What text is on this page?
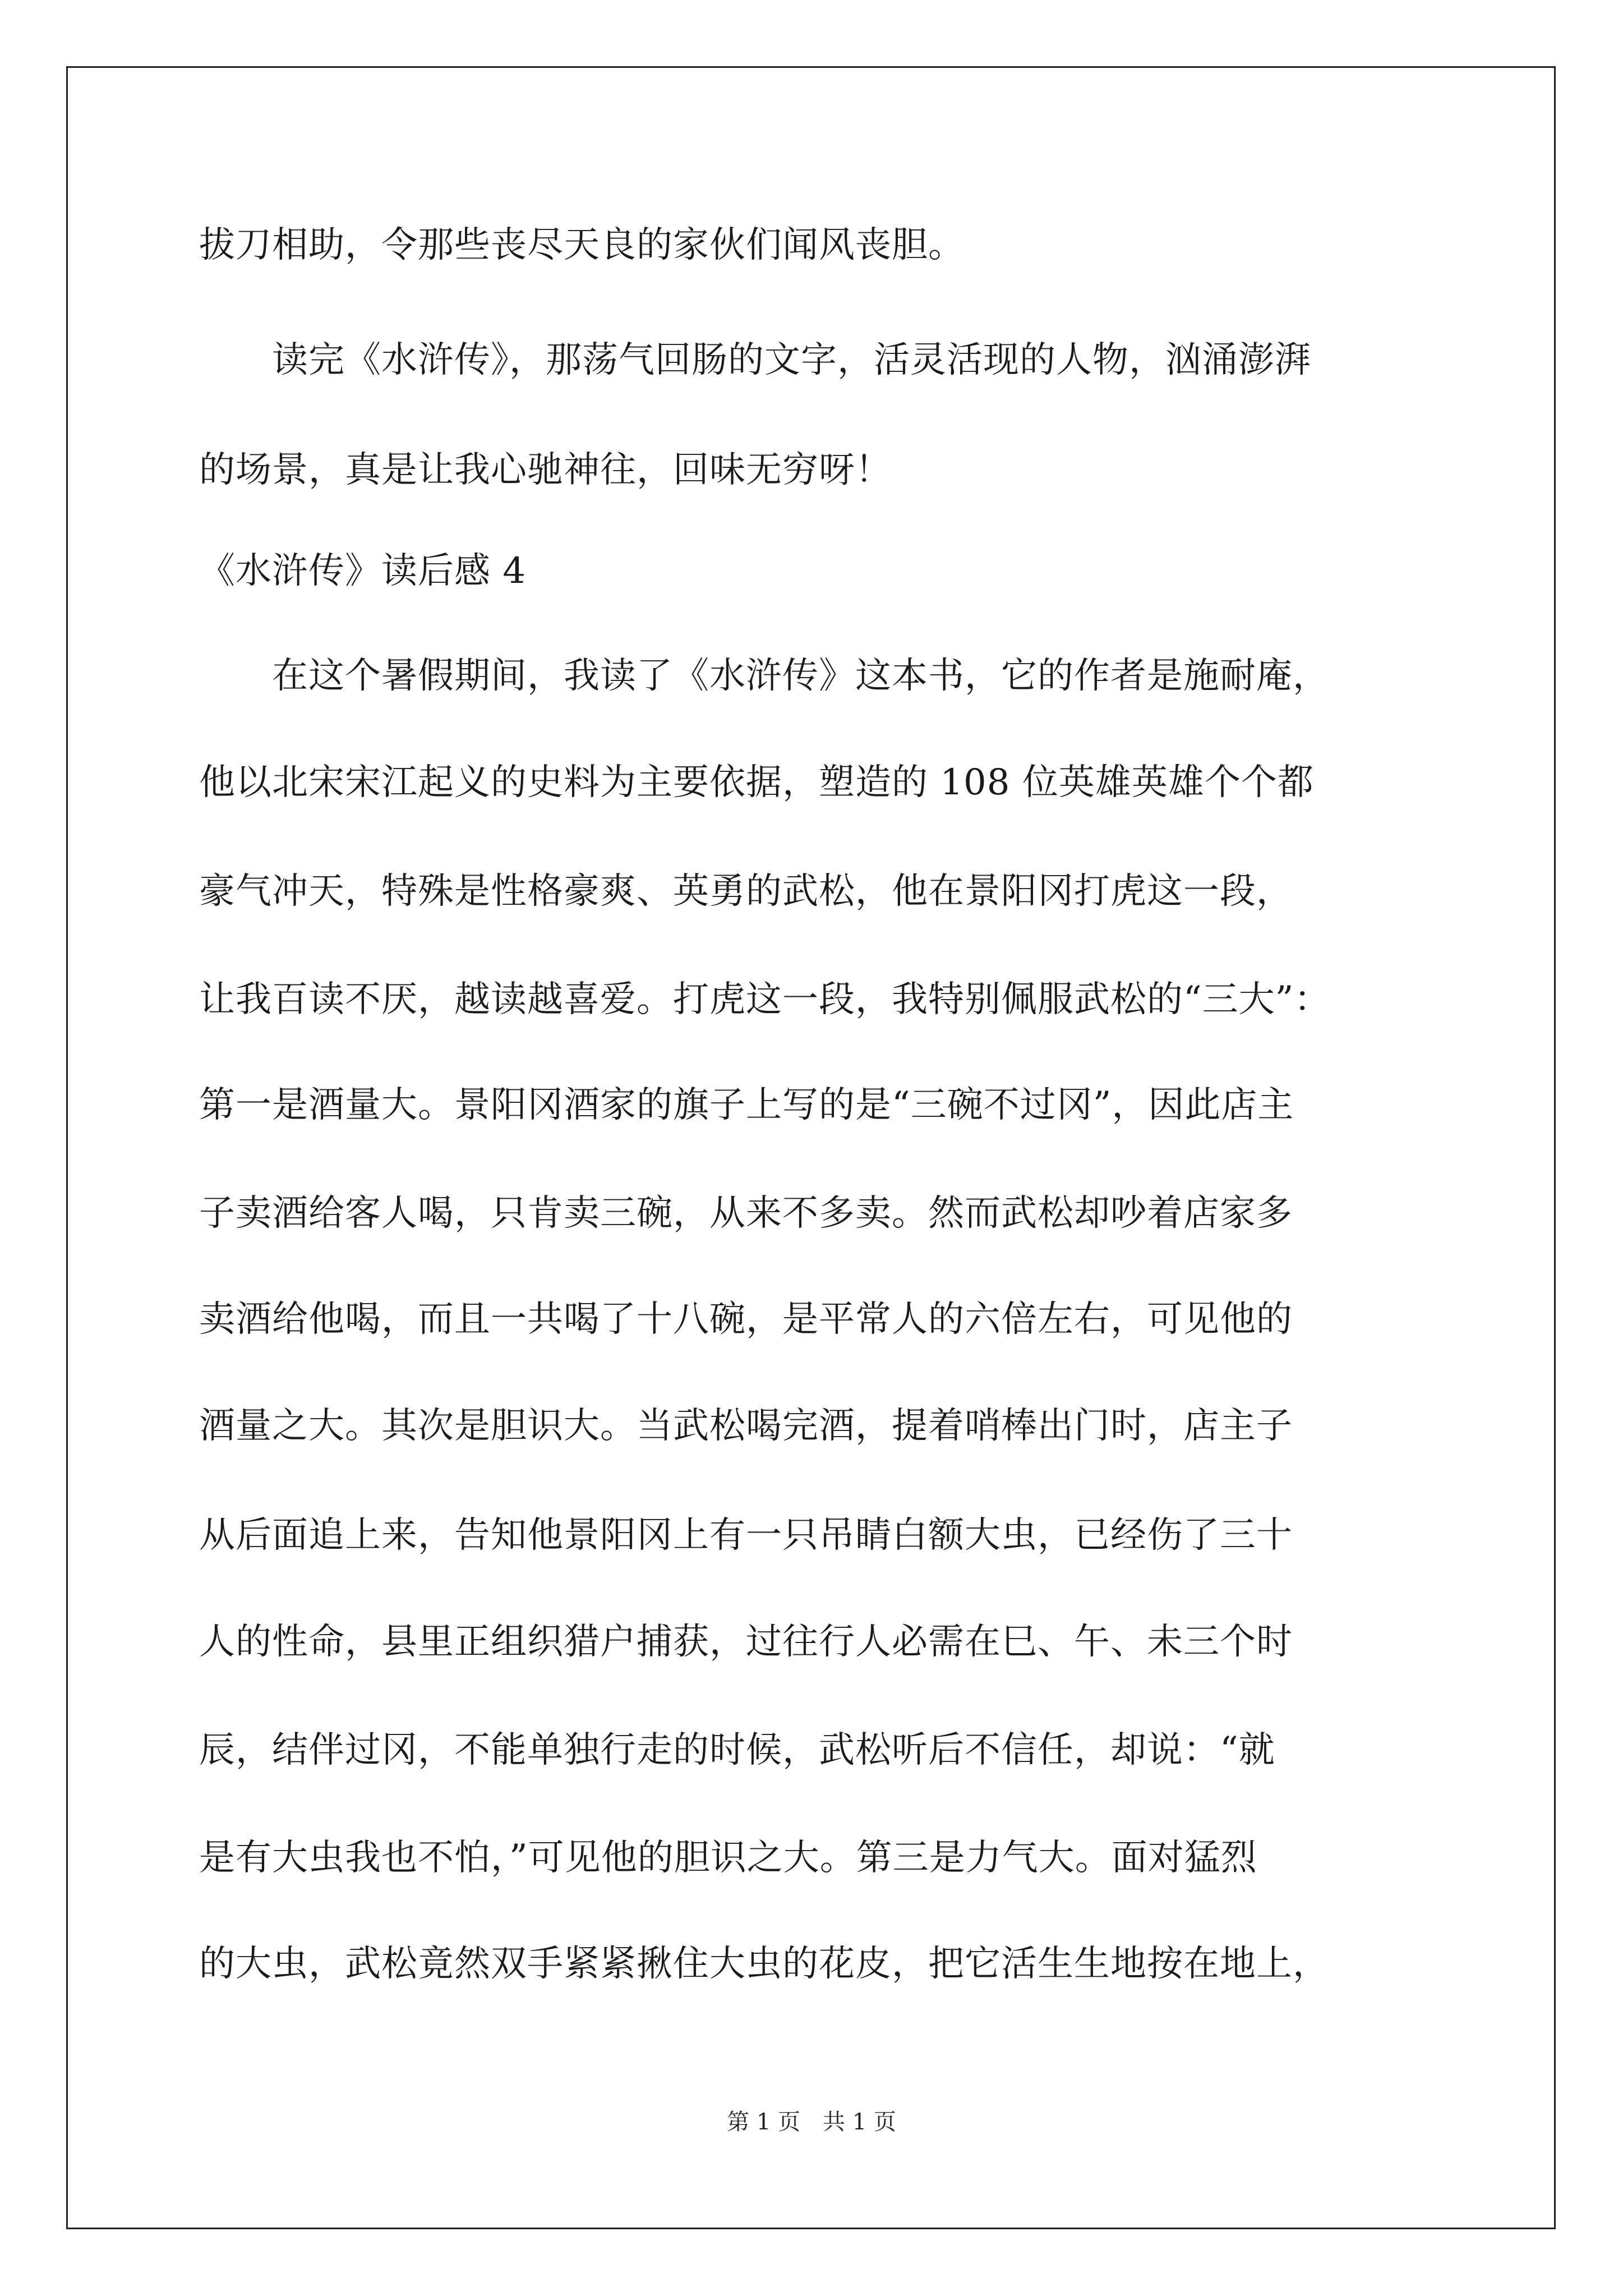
拔刀相助，令那些丧尽天良的家伙们闻风丧胆。
　　读完《水浒传》，那荡气回肠的文字，活灵活现的人物，汹涌澎湃
的场景，真是让我心驰神往，回味无穷呀！
《水浒传》读后感 4
　　在这个暑假期间，我读了《水浒传》这本书，它的作者是施耐庵，
他以北宋宋江起义的史料为主要依据，塑造的 108 位英雄英雄个个都
豪气冲天，特殊是性格豪爽、英勇的武松，他在景阳冈打虎这一段，
让我百读不厌，越读越喜爱。打虎这一段，我特别佩服武松的“三大”：
第一是酒量大。景阳冈酒家的旗子上写的是“三碗不过冈”，因此店主
子卖酒给客人喝，只肯卖三碗，从来不多卖。然而武松却吵着店家多
卖酒给他喝，而且一共喝了十八碗，是平常人的六倍左右，可见他的
酒量之大。其次是胆识大。当武松喝完酒，提着哨棒出门时，店主子
从后面追上来，告知他景阳冈上有一只吊睛白额大虫，已经伤了三十
人的性命，县里正组织猎户捕获，过往行人必需在巳、午、未三个时
辰，结伴过冈，不能单独行走的时候，武松听后不信任，却说：“就
是有大虫我也不怕，”可见他的胆识之大。第三是力气大。面对猛烈
的大虫，武松竟然双手紧紧揪住大虫的花皮，把它活生生地按在地上，
第 1 页　共 1 页
